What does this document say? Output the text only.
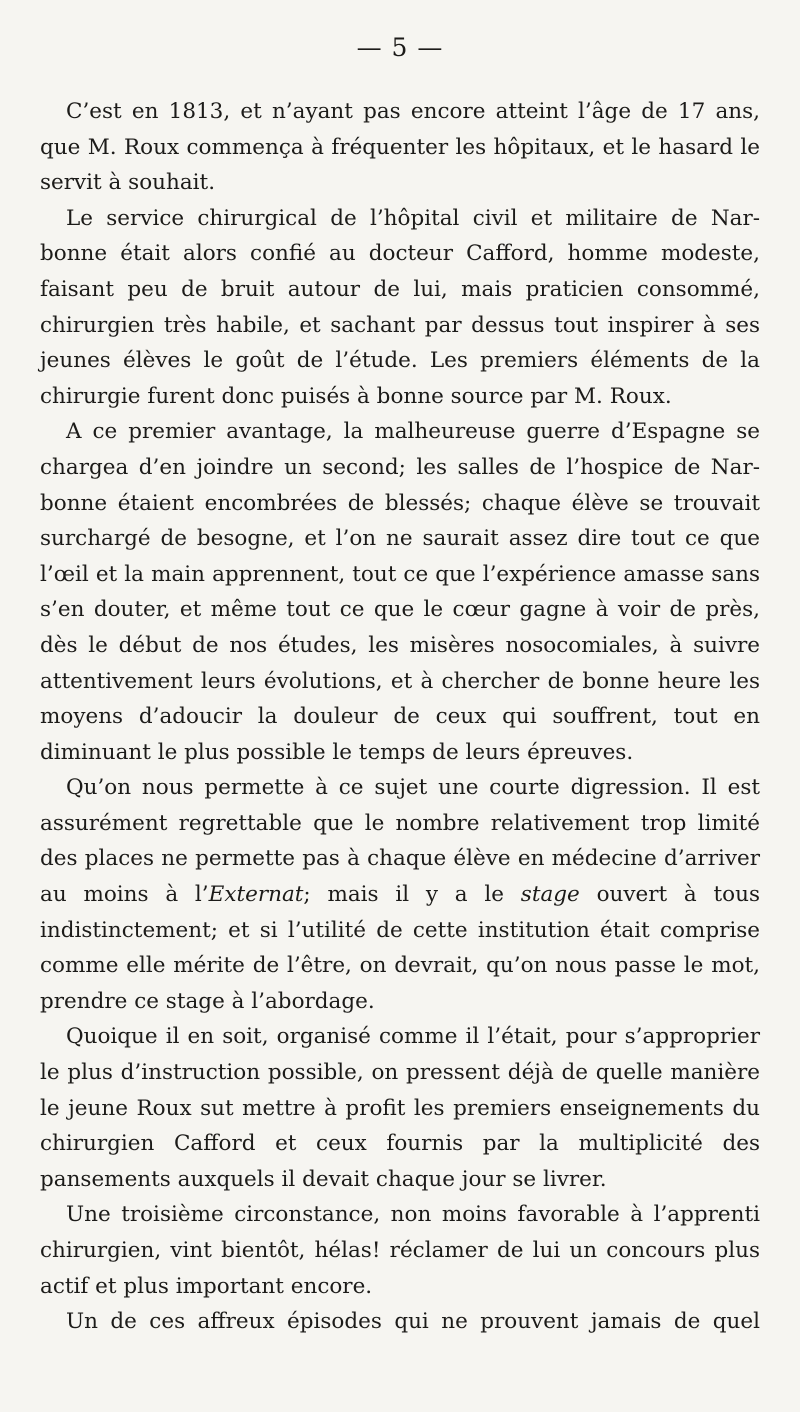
— 5 —

C’est en 1813, et n’ayant pas encore atteint l’âge de 17 ans, que M. Roux commença à fréquenter les hôpitaux, et le hasard le servit à souhait.

Le service chirurgical de l’hôpital civil et militaire de Narbonne était alors confié au docteur Cafford, homme modeste, faisant peu de bruit autour de lui, mais praticien consommé, chirurgien très habile, et sachant par dessus tout inspirer à ses jeunes élèves le goût de l’étude. Les premiers éléments de la chirurgie furent donc puisés à bonne source par M. Roux.

A ce premier avantage, la malheureuse guerre d’Espagne se chargea d’en joindre un second; les salles de l’hospice de Narbonne étaient encombrées de blessés; chaque élève se trouvait surchargé de besogne, et l’on ne saurait assez dire tout ce que l’œil et la main apprennent, tout ce que l’expérience amasse sans s’en douter, et même tout ce que le cœur gagne à voir de près, dès le début de nos études, les misères nosocomiales, à suivre attentivement leurs évolutions, et à chercher de bonne heure les moyens d’adoucir la douleur de ceux qui souffrent, tout en diminuant le plus possible le temps de leurs épreuves.

Qu’on nous permette à ce sujet une courte digression. Il est assurément regrettable que le nombre relativement trop limité des places ne permette pas à chaque élève en médecine d’arriver au moins à l’Externat; mais il y a le stage ouvert à tous indistinctement; et si l’utilité de cette institution était comprise comme elle mérite de l’être, on devrait, qu’on nous passe le mot, prendre ce stage à l’abordage.

Quoique il en soit, organisé comme il l’était, pour s’approprier le plus d’instruction possible, on pressent déjà de quelle manière le jeune Roux sut mettre à profit les premiers enseignements du chirurgien Cafford et ceux fournis par la multiplicité des pansements auxquels il devait chaque jour se livrer.

Une troisième circonstance, non moins favorable à l’apprenti chirurgien, vint bientôt, hélas! réclamer de lui un concours plus actif et plus important encore.

Un de ces affreux épisodes qui ne prouvent jamais de quel
